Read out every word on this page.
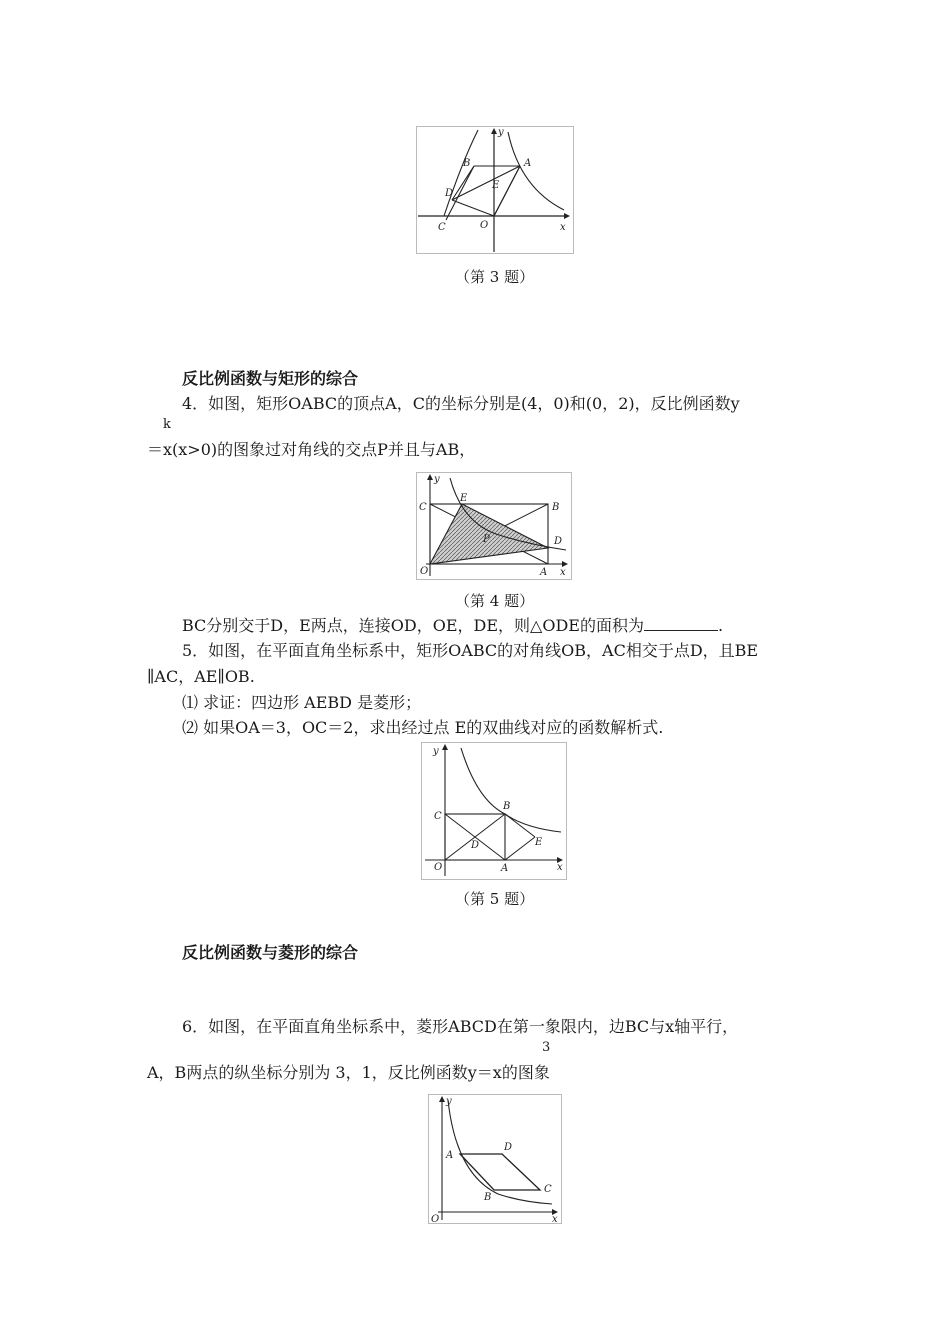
y
B	A
E
D
C	O	x
（第 3 题）
反比例函数与矩形的综合
4．如图，矩形OABC的顶点A，C的坐标分别是(4，0)和(0，2)，反比例函数y
k
＝x(x>0)的图象过对角线的交点P并且与AB，
y
C
E
B
P	D
O	A x
（第 4 题）
BC分别交于D，E两点，连接OD，OE，DE，则△ODE的面积为	.
5．如图，在平面直角坐标系中，矩形OABC的对角线OB，AC相交于点D，且BE
∥AC，AE∥OB.
⑴ 求证：四边形 AEBD 是菱形；
⑵ 如果OA＝3，OC＝2，求出经过点 E的双曲线对应的函数解析式.
y
C
B
D	E
O	A	x
（第 5 题）
反比例函数与菱形的综合
6．如图，在平面直角坐标系中，菱形ABCD在第一象限内，边BC与x轴平行，
3
A，B两点的纵坐标分别为 3，1，反比例函数y＝x的图象
y
A
D
B
C
O	x
